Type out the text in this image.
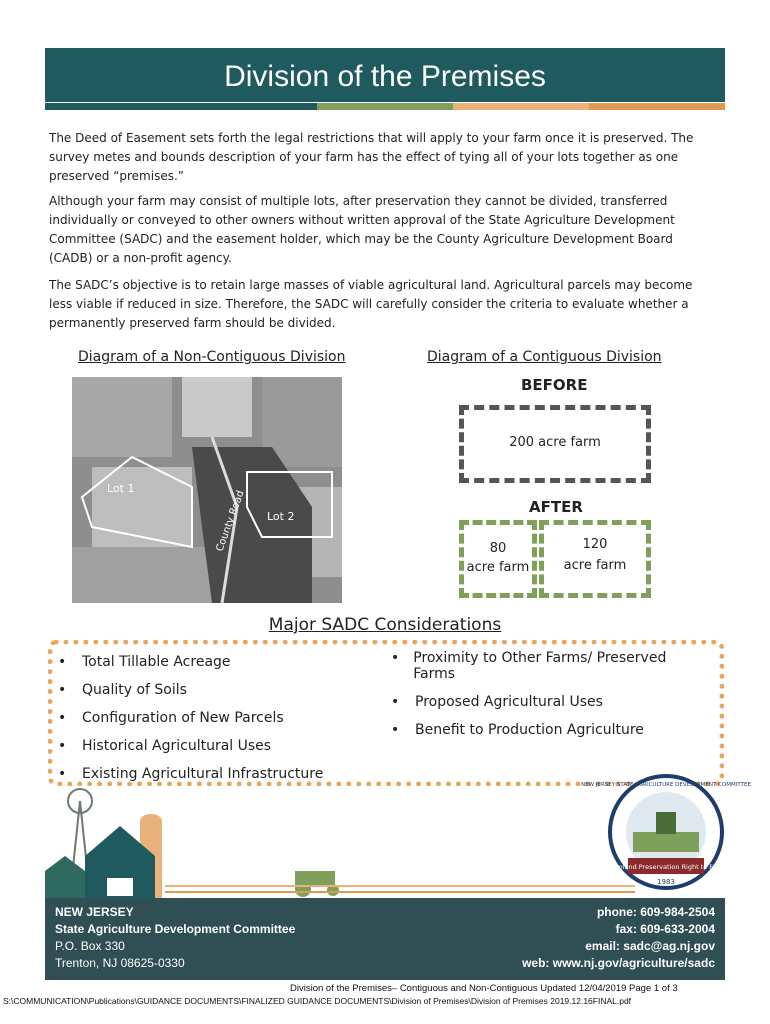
Division of the Premises

The Deed of Easement sets forth the legal restrictions that will apply to your farm once it is preserved. The survey metes and bounds description of your farm has the effect of tying all of your lots together as one preserved “premises.”

Although your farm may consist of multiple lots, after preservation they cannot be divided, transferred individually or conveyed to other owners without written approval of the State Agriculture Development Committee (SADC) and the easement holder, which may be the County Agriculture Development Board (CADB) or a non-profit agency.

The SADC’s objective is to retain large masses of viable agricultural land. Agricultural parcels may become less viable if reduced in size. Therefore, the SADC will carefully consider the criteria to evaluate whether a permanently preserved farm should be divided.

Diagram of a Non-Contiguous Division
Lot 1
Lot 2
County Road
Diagram of a Contiguous Division
BEFORE
200 acre farm
AFTER
80
acre farm
120
acre farm
Major SADC Considerations
• Total Tillable Acreage
• Quality of Soils
• Configuration of New Parcels
• Historical Agricultural Uses
• Existing Agricultural Infrastructure
•	Proximity to Other Farms/ Preserved Farms
• Proposed Agricultural Uses
• Benefit to Production Agriculture
Farmland Preservation Right to Farm
1983
NEW JERSEY STATE AGRICULTURE DEVELOPMENT COMMITTEE
NEW JERSEY
State Agriculture Development Committee
P.O. Box 330
Trenton, NJ 08625-0330
phone: 609-984-2504
fax: 609-633-2004
email: sadc@ag.nj.gov
web: www.nj.gov/agriculture/sadc
Division of the Premises– Contiguous and Non-Contiguous Updated 12/04/2019 Page 1 of 3
S:\COMMUNICATION\Publications\GUIDANCE DOCUMENTS\FINALIZED GUIDANCE DOCUMENTS\Division of Premises\Division of Premises 2019.12.16FINAL.pdf
